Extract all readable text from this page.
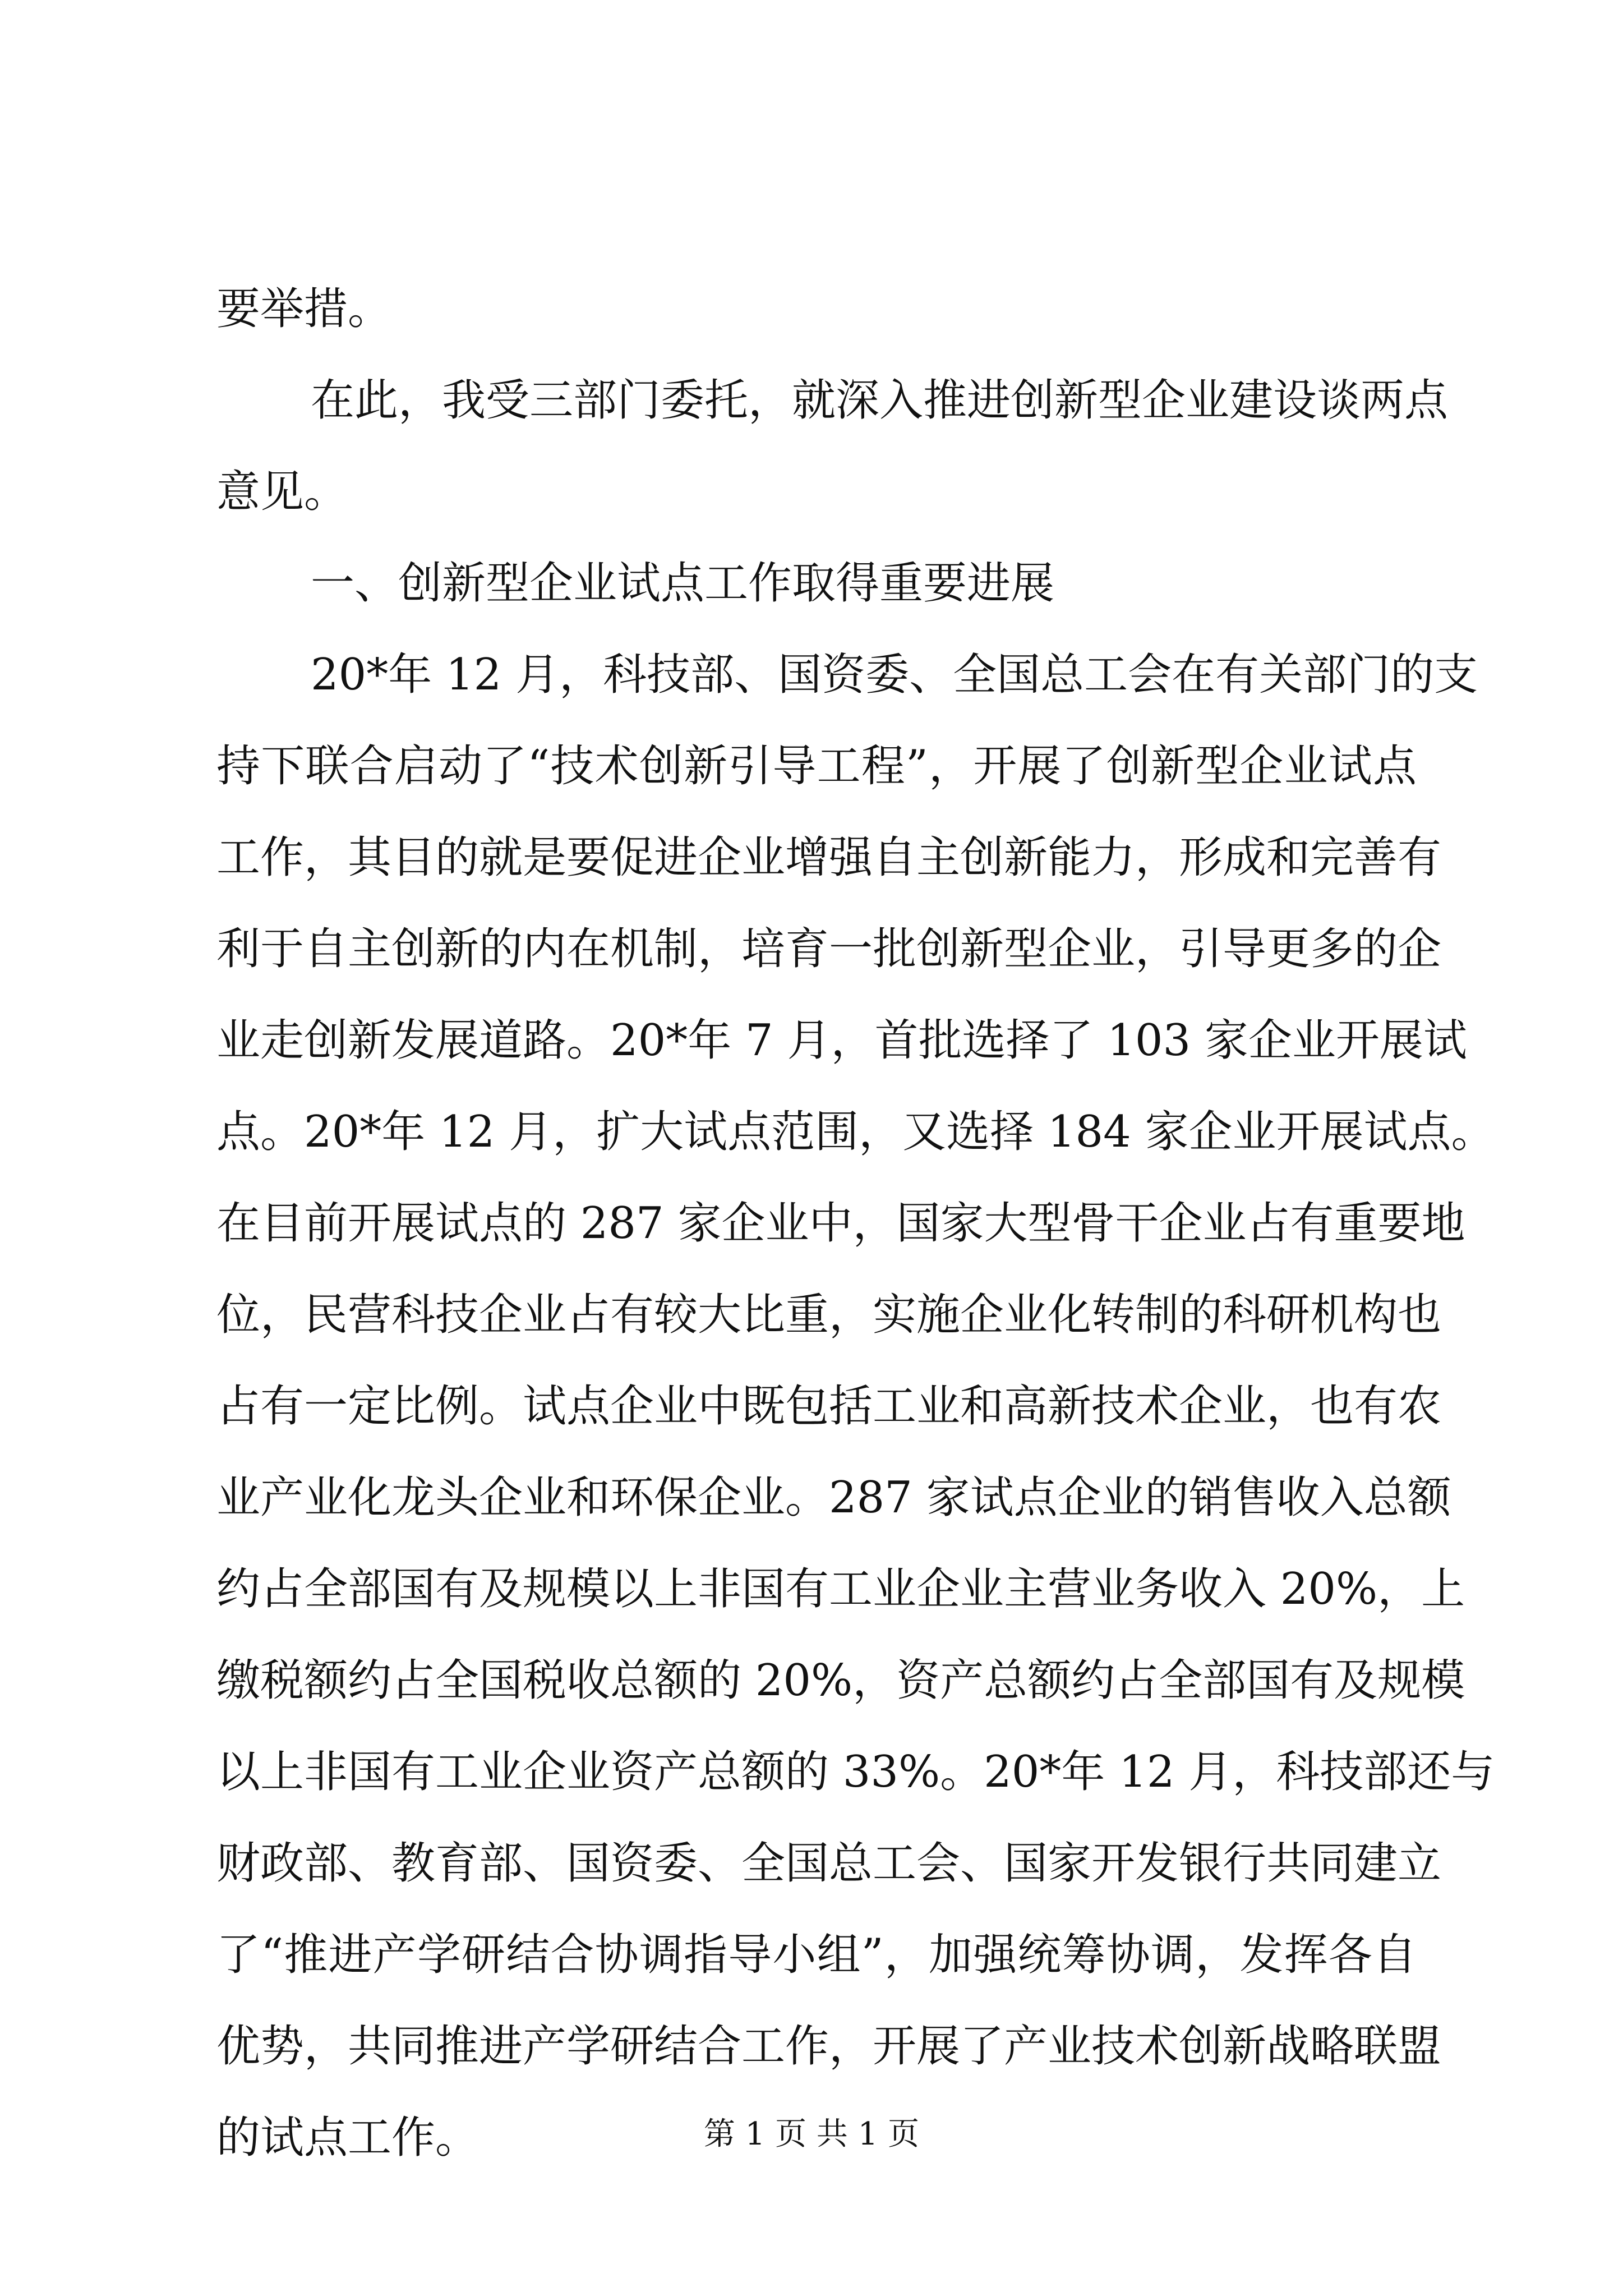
要举措。
在此，我受三部门委托，就深入推进创新型企业建设谈两点
意见。
一、创新型企业试点工作取得重要进展
20*年 12 月，科技部、国资委、全国总工会在有关部门的支
持下联合启动了“技术创新引导工程”，开展了创新型企业试点
工作，其目的就是要促进企业增强自主创新能力，形成和完善有
利于自主创新的内在机制，培育一批创新型企业，引导更多的企
业走创新发展道路。20*年 7 月，首批选择了 103 家企业开展试
点。20*年 12 月，扩大试点范围，又选择 184 家企业开展试点。
在目前开展试点的 287 家企业中，国家大型骨干企业占有重要地
位，民营科技企业占有较大比重，实施企业化转制的科研机构也
占有一定比例。试点企业中既包括工业和高新技术企业，也有农
业产业化龙头企业和环保企业。287 家试点企业的销售收入总额
约占全部国有及规模以上非国有工业企业主营业务收入 20%，上
缴税额约占全国税收总额的 20%，资产总额约占全部国有及规模
以上非国有工业企业资产总额的 33%。20*年 12 月，科技部还与
财政部、教育部、国资委、全国总工会、国家开发银行共同建立
了“推进产学研结合协调指导小组”，加强统筹协调，发挥各自
优势，共同推进产学研结合工作，开展了产业技术创新战略联盟
的试点工作。	第 1 页 共 1 页
